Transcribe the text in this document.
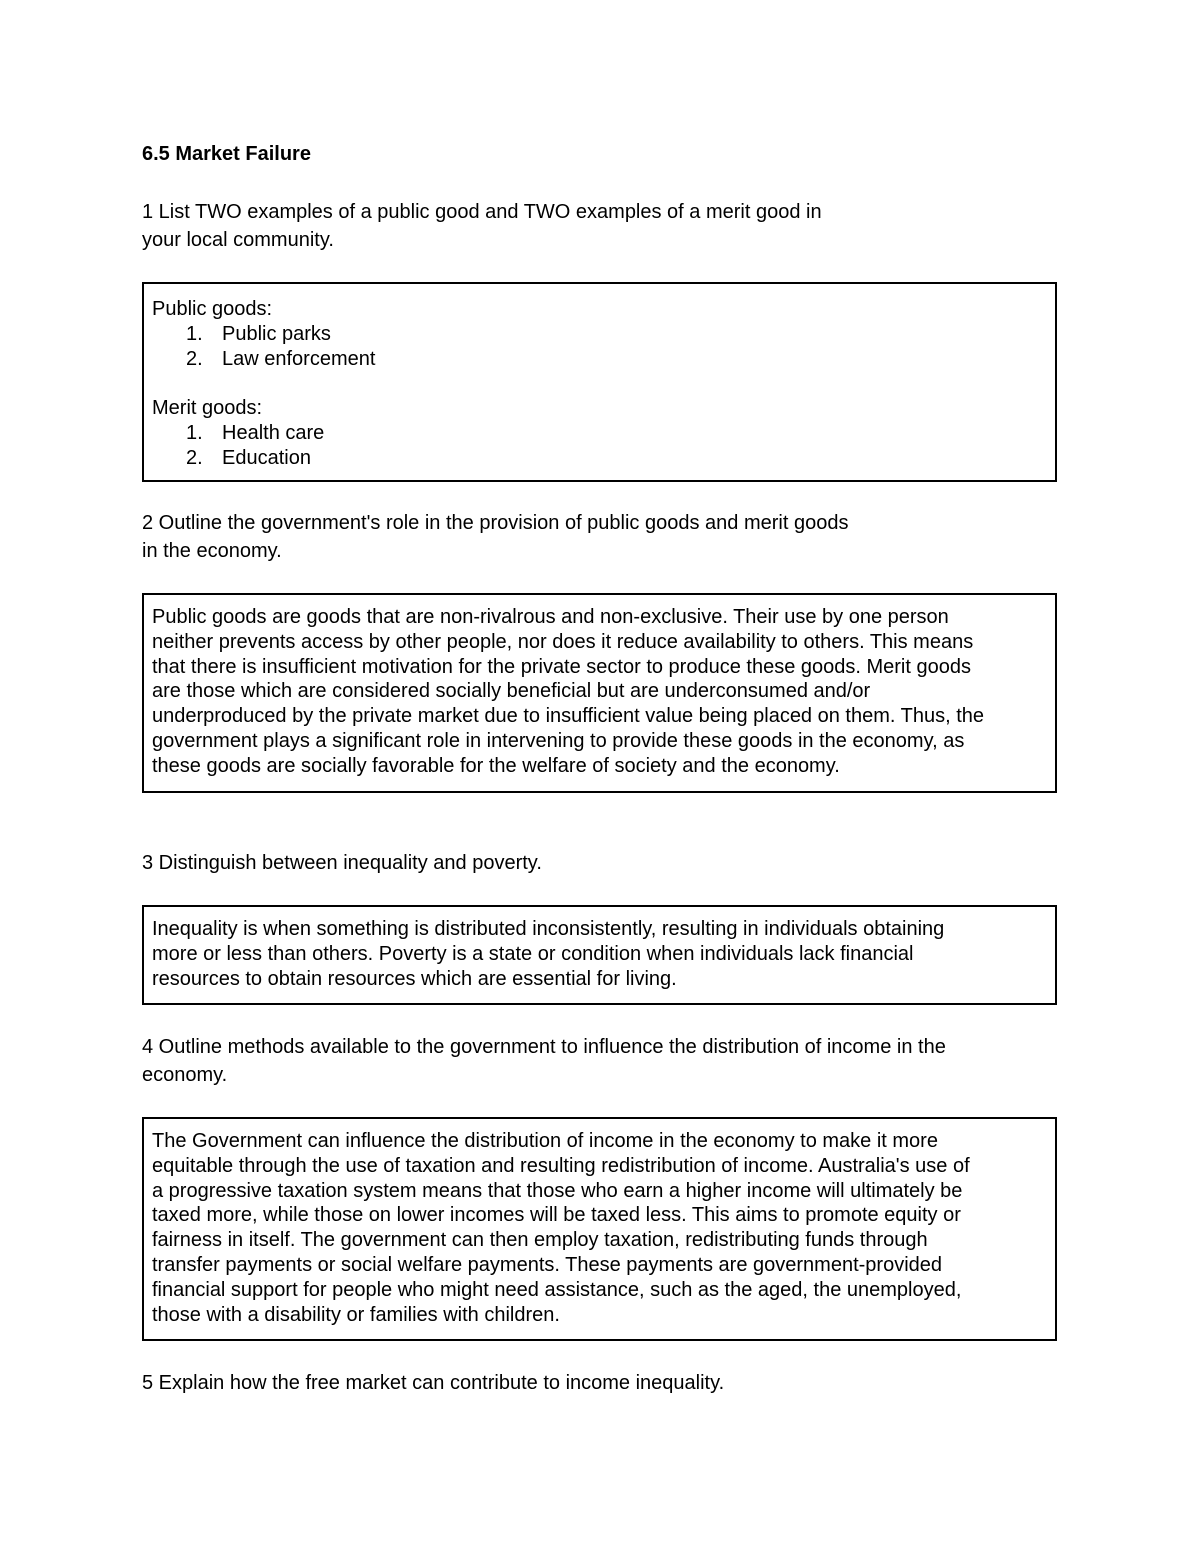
6.5 Market Failure
1 List TWO examples of a public good and TWO examples of a merit good in
your local community.
Public goods:
1. Public parks
2. Law enforcement
Merit goods:
1. Health care
2. Education
2 Outline the government's role in the provision of public goods and merit goods
in the economy.
Public goods are goods that are non-rivalrous and non-exclusive. Their use by one person
neither prevents access by other people, nor does it reduce availability to others. This means
that there is insufficient motivation for the private sector to produce these goods. Merit goods
are those which are considered socially beneficial but are underconsumed and/or
underproduced by the private market due to insufficient value being placed on them. Thus, the
government plays a significant role in intervening to provide these goods in the economy, as
these goods are socially favorable for the welfare of society and the economy.
3 Distinguish between inequality and poverty.
Inequality is when something is distributed inconsistently, resulting in individuals obtaining
more or less than others. Poverty is a state or condition when individuals lack financial
resources to obtain resources which are essential for living.
4 Outline methods available to the government to influence the distribution of income in the
economy.
The Government can influence the distribution of income in the economy to make it more
equitable through the use of taxation and resulting redistribution of income. Australia's use of
a progressive taxation system means that those who earn a higher income will ultimately be
taxed more, while those on lower incomes will be taxed less. This aims to promote equity or
fairness in itself. The government can then employ taxation, redistributing funds through
transfer payments or social welfare payments. These payments are government-provided
financial support for people who might need assistance, such as the aged, the unemployed,
those with a disability or families with children.
5 Explain how the free market can contribute to income inequality.
